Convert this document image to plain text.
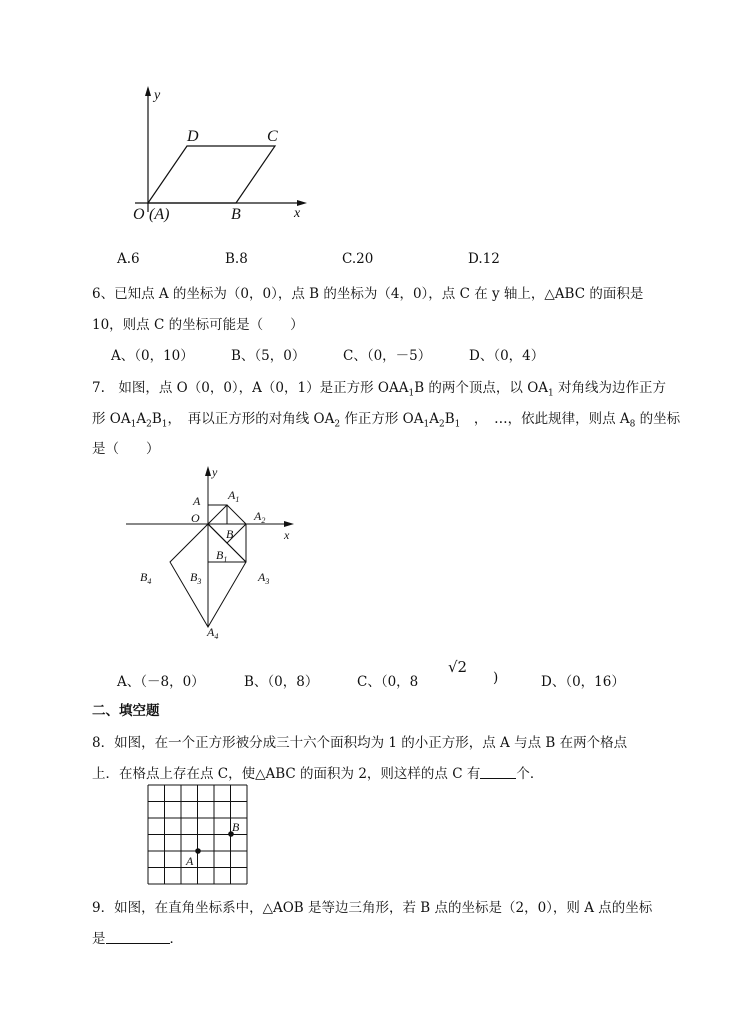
y
x
D	C
O (A)	B
A.6	B.8	C.20	D.12
6、已知点 A 的坐标为（0，0），点 B 的坐标为（4，0），点 C 在 y 轴上，△ABC 的面积是
10，则点 C 的坐标可能是（　　）
A、（0，10）	B、（5，0）	C、（0，－5）	D、（0，4）
7.　如图，点 O（0，0），A（0，1）是正方形 $OAA_1B$ 的两个顶点，以 $OA_1$ 对角线为边作正方
形 $OA_1A_2B_1$，　再以正方形的对角线 $OA_2$ 作正方形 $OA_1A_2B_1$　，　…，依此规律，则点 $A_8$ 的坐标
是（　　）
y
x
A $A_1$
O	$A_2$
B
$B_1$
$B_4$	$B_3$	$A_3$
$A_4$
√2
A、（－8，0）	B、（0，8）	C、（0，8	)	D、（0，16）
二、填空题
8．如图，在一个正方形被分成三十六个面积均为 1 的小正方形，点 A 与点 B 在两个格点
上．在格点上存在点 C，使△ABC 的面积为 2，则这样的点 C 有	个．
A
B
9．如图，在直角坐标系中，△AOB 是等边三角形，若 B 点的坐标是（2，0），则 A 点的坐标
是	．
